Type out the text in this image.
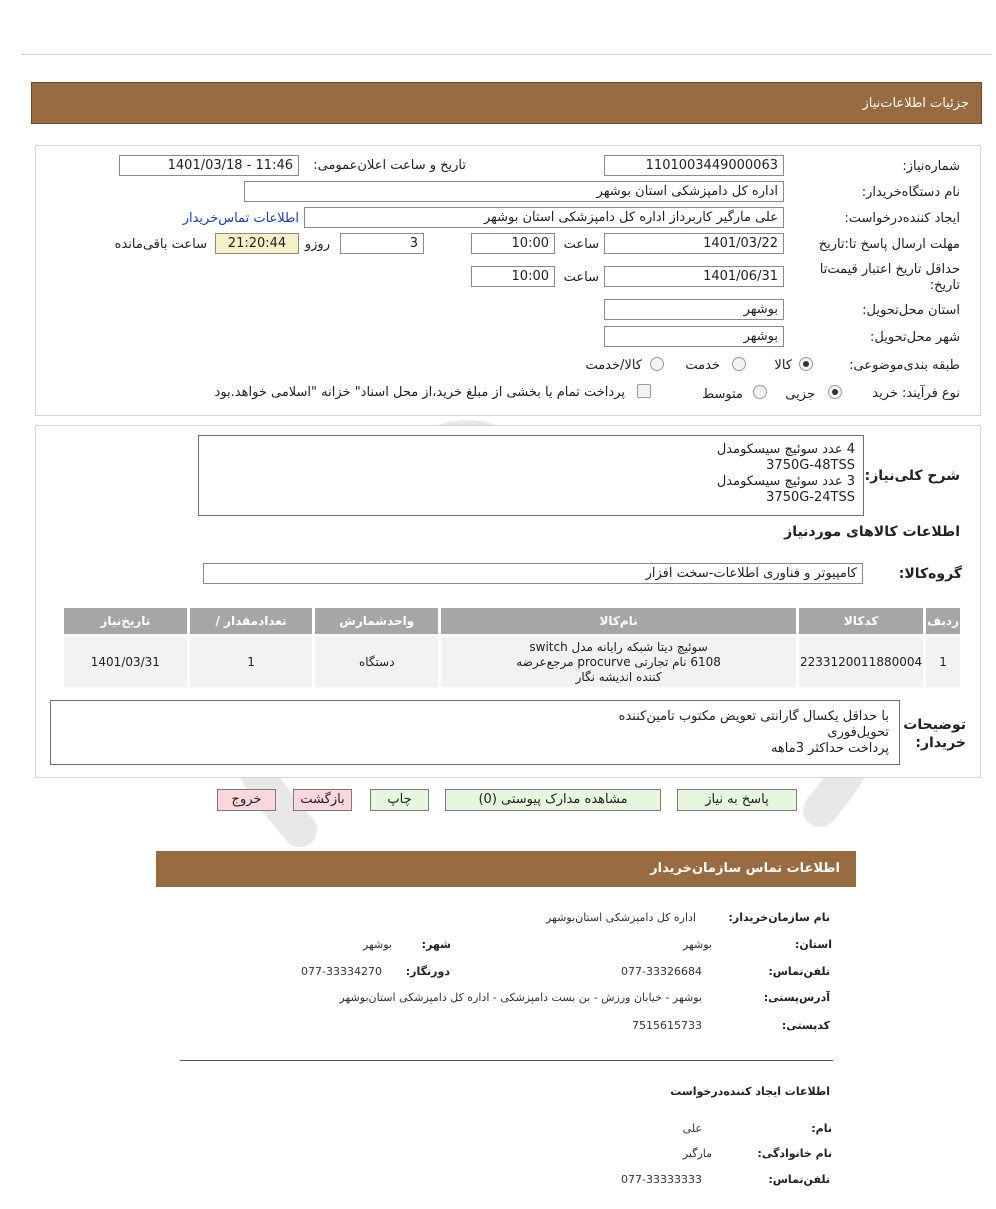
جزئیات اطلاعات‌نیاز
شماره‌نیاز:
1101003449000063
تاریخ و ساعت اعلان‌عمومی:
1401/03/18 - 11:46
نام دستگاه‌خریدار:
اداره کل دامپزشکی استان بوشهر
ایجاد کننده‌درخواست:
علی مارگیر کاربرداز اداره کل دامپزشکی استان بوشهر
اطلاعات تماس‌خریدار
مهلت ارسال پاسخ تا:تاریخ
1401/03/22
ساعت
10:00
3
روزو
21:20:44
ساعت باقی‌مانده
حداقل تاریخ اعتبار قیمت‌تا تاریخ:
1401/06/31
ساعت
10:00
استان محل‌تحویل:
بوشهر
شهر محل‌تحویل:
بوشهر
طبقه بندی‌موضوعی:
کالا
خدمت
کالا/خدمت
نوع فرآیند: خرید
جزیی
متوسط
پرداخت تمام یا بخشی از مبلغ خرید،از محل اسناد" خزانه "اسلامی خواهد.بود
شرح کلی‌نیاز:
4 عدد سوئیچ سیسکومدل
3750G-48TSS
3 عدد سوئیچ سیسکومدل
3750G-24TSS
اطلاعات کالاهای موردنیاز
گروه‌کالا:
کامپیوتر و فناوری اطلاعات-سخت افزار
ردیف	کدکالا	نام‌کالا	واحدشمارش	تعدادمقدار /	تاریخ‌نیاز
1	2233120011880004	سوئیچ دیتا شبکه رایانه مدل switch
6108 نام تجارتی procurve مرجع‌عرضه
کننده اندیشه نگار	دستگاه	1	1401/03/31
توضیحات خریدار:
با حداقل یکسال گارانتی تعویض مکتوب تامین‌کننده
تحویل‌فوری
پرداخت حداکثر 3ماهه
پاسخ به نیاز
مشاهده مدارک پیوستی (0)
چاپ
بازگشت
خروج
اطلاعات تماس سازمان‌خریدار
نام سازمان‌خریدار:
اداره کل دامپزشکی استان‌بوشهر
استان:
بوشهر
شهر:
بوشهر
تلفن‌تماس:
077-33326684
دورنگار:
077-33334270
آدرس‌پستی:
بوشهر - خیابان ورزش - بن بست دامپزشکی - اداره کل دامپزشکی استان‌بوشهر
کدپستی:
7515615733
اطلاعات ایجاد کننده‌درخواست
نام:
علی
نام خانوادگی:
مارگیر
تلفن‌تماس:
077-33333333
